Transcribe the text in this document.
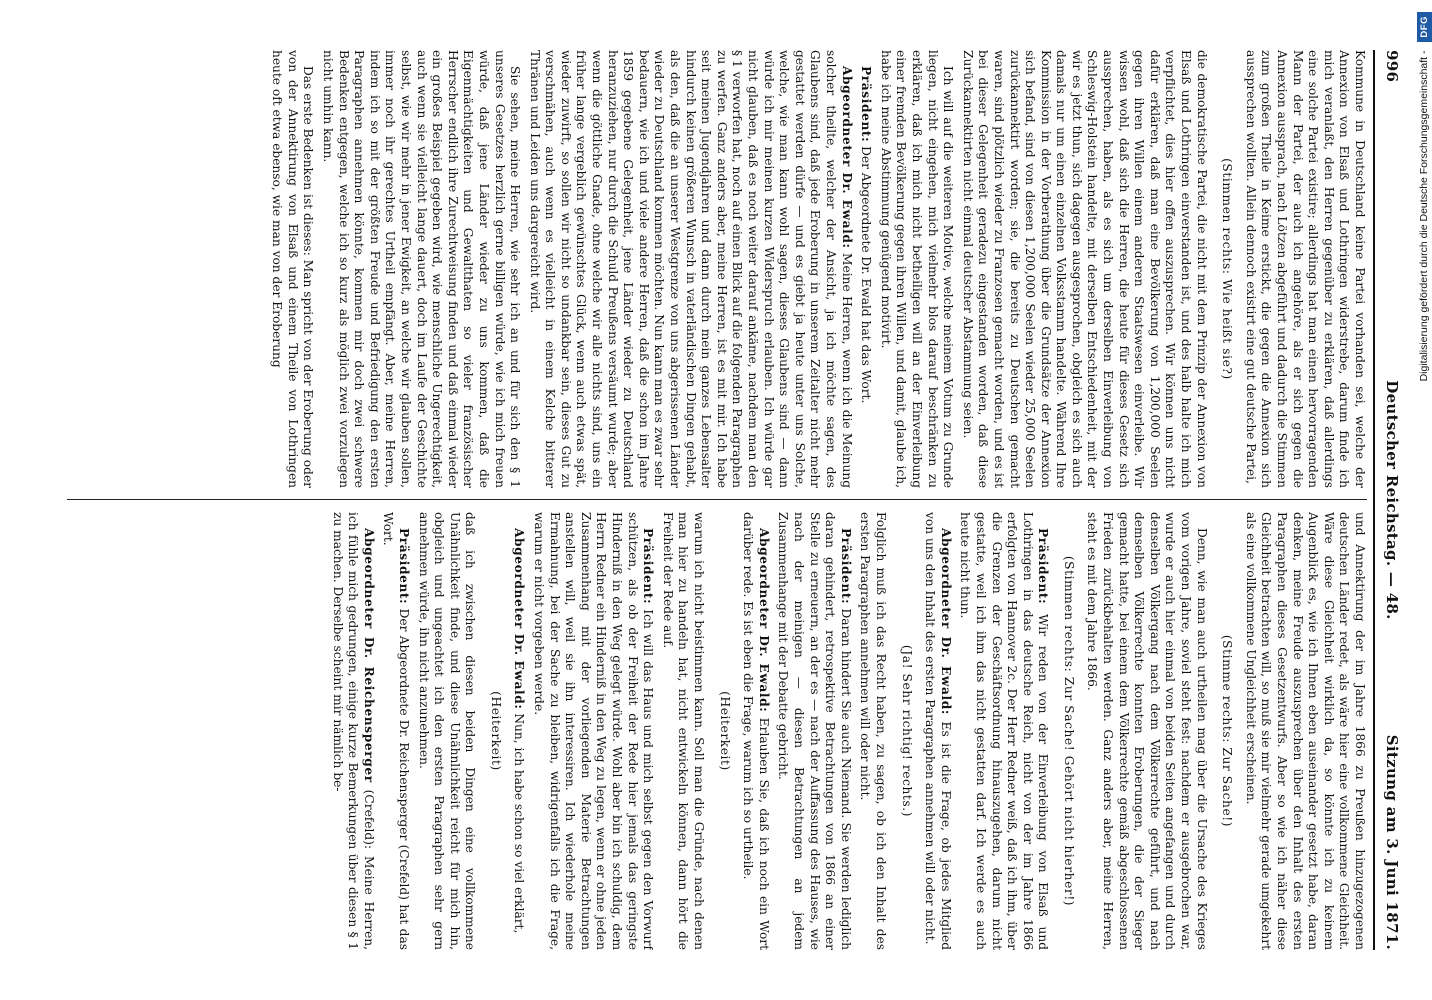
996
Deutscher Reichstag. — 48.
Sitzung am 3. Juni 1871.

Kommune in Deutschland keine Partei vorhanden sei, welche der Annexion von Elsaß und Lothringen widerstrebe, darum finde ich mich veranlaßt, den Herren gegenüber zu erklären, daß allerdings eine solche Partei existire; allerdings hat man einen hervorragenden Mann der Partei, der auch ich angehöre, als er sich gegen die Annexion aussprach, nach Lötzen abgeführt und dadurch die Stimmen zum großen Theile in Keime erstickt, die gegen die Annexion sich aussprechen wollten. Allein dennoch existirt eine gut deutsche Partei,

(Stimmen rechts: Wie heißt sie?)

die demokratische Partei, die nicht mit dem Prinzip der Annexion von Elsaß und Lothringen einverstanden ist, und des halb halte ich mich verpflichtet, dies hier offen auszusprechen. Wir können uns nicht dafür erklären, daß man eine Bevölkerung von 1,200,000 Seelen gegen ihren Willen einem anderen Staatswesen einverleibe. Wir wissen wohl, daß sich die Herren, die heute für dieses Gesetz sich aussprechen, haben, als es sich um derselben Einverleibung von Schleswig-Holstein handelte, mit derselben Entschiedenheit, mit der wir es jetzt thun, sich dagegen ausgesprochen, obgleich es sich auch damals nur um einen einzelnen Volksstamm handelte. Während Ihre Kommission in der Vorberathung über die Grundsätze der Annexion sich befand, sind von diesen 1,200,000 Seelen wieder 25,000 Seelen zurückannektirt worden; sie, die bereits zu Deutschen gemacht waren, sind plötzlich wieder zu Franzosen gemacht worden, und es ist bei dieser Gelegenheit geradezu eingestanden worden, daß diese Zurückannektirten nicht einmal deutscher Abstammung seien.

Ich will auf die weiteren Motive, welche meinem Votum zu Grunde liegen, nicht eingehen, mich vielmehr blos darauf beschränken zu erklären, daß ich mich nicht betheiligen will an der Einverleibung einer fremden Bevölkerung gegen ihren Willen, und damit, glaube ich, habe ich meine Abstimmung genügend motivirt.

Präsident: Der Abgeordnete Dr. Ewald hat das Wort.

Abgeordneter Dr. Ewald: Meine Herren, wenn ich die Meinung solcher theilte, welcher der Ansicht, ja ich möchte sagen, des Glaubens sind, daß jede Eroberung in unserem Zeitalter nicht mehr gestattet werden dürfe — und es giebt ja heute unter uns Solche, welche, wie man kann wohl sagen, dieses Glaubens sind — dann würde ich mir meinen kurzen Widerspruch erlauben. Ich würde gar nicht glauben, daß es noch weiter darauf ankäme, nachdem man den § 1 verworfen hat, noch auf einen Blick auf die folgenden Paragraphen zu werfen. Ganz anders aber, meine Herren, ist es mit mir. Ich habe seit meinen Jugendjahren und dann durch mein ganzes Lebensalter hindurch keinen größeren Wunsch in vaterländischen Dingen gehabt, als den, daß die an unserer Westgrenze von uns abgerissenen Länder wieder zu Deutschland kommen möchten. Nun kann man es zwar sehr bedauern, wie ich und viele andere Herren, daß die schon im Jahre 1859 gegebene Gelegenheit, jene Länder wieder zu Deutschland heranzuziehen, nur durch die Schuld Preußens versäumt wurde; aber wenn die göttliche Gnade, ohne welche wir alle nichts sind, uns ein früher lange vergeblich gewünschtes Glück, wenn auch etwas spät, wieder zuwirft, so sollen wir nicht so undankbar sein, dieses Gut zu verschmähen, auch wenn es vielleicht in einem Kelche bitterer Thränen und Leiden uns dargereicht wird.

Sie sehen, meine Herren, wie sehr ich an und für sich den § 1 unseres Gesetzes herzlich gerne billigen würde, wie ich mich freuen würde, daß jene Länder wieder zu uns kommen, daß die Eigenmächtigkeiten und Gewaltthaten so vieler französischer Herrscher endlich ihre Zurechtweisung finden und daß einmal wieder ein großes Beispiel gegeben wird, wie menschliche Ungerechtigkeit, auch wenn sie vielleicht lange dauert, doch im Laufe der Geschichte selbst, wie wir mehr in jener Ewigkeit, an welche wir glauben sollen, immer noch ihr gerechtes Urtheil empfängt. Aber, meine Herren, indem ich so mit der größten Freude und Befriedigung den ersten Paragraphen annehmen könnte, kommen mir doch zwei schwere Bedenken entgegen, welche ich so kurz als möglich zwei vorzulegen nicht umhin kann.

Das erste Bedenken ist dieses: Man spricht von der Eroberung oder von der Annektirung von Elsaß und einem Theile von Lothringen heute oft etwa ebenso, wie man von der Eroberung

und Annektirung der im Jahre 1866 zu Preußen hinzugezogenen deutschen Länder redet, als wäre hier eine vollkommene Gleichheit. Wäre diese Gleichheit wirklich da, so könnte ich zu keinem Augenblick es, wie ich Ihnen eben auseinander gesetzt habe, daran denken, meine Freude auszusprechen über den Inhalt des ersten Paragraphen dieses Gesetzentwurfs. Aber so wie ich näher diese Gleichheit betrachten will, so muß sie mir vielmehr gerade umgekehrt als eine vollkommene Ungleichheit erscheinen.

(Stimme rechts: Zur Sache!)

Denn, wie man auch urtheilen mag über die Ursache des Krieges vom vorigen Jahre, soviel steht fest: nachdem er ausgebrochen war, wurde er auch hier einmal von beiden Seiten angefangen und durch denselben Völkergang nach dem Völkerrechte geführt, und nach demselben Völkerrechte konnten Eroberungen, die der Sieger gemacht hatte, bei einem dem Völkerrechte gemäß abgeschlossenen Frieden zurückbehalten werden. Ganz anders aber, meine Herren, steht es mit dem Jahre 1866.

(Stimmen rechts: Zur Sache! Gehört nicht hierher!)

Präsident: Wir reden von der Einverleibung von Elsaß und Lothringen in das deutsche Reich, nicht von der im Jahre 1866 erfolgten von Hannover 2c. Der Herr Redner weiß, daß ich ihm, über die Grenzen der Geschäftsordnung hinauszugehen, darum nicht gestatte, weil ich ihm das nicht gestatten darf. Ich werde es auch heute nicht thun.

Abgeordneter Dr. Ewald: Es ist die Frage, ob jedes Mitglied von uns den Inhalt des ersten Paragraphen annehmen will oder nicht.

(Ja! Sehr richtig! rechts.)

Folglich muß ich das Recht haben, zu sagen, ob ich den Inhalt des ersten Paragraphen annehmen will oder nicht.

Präsident: Daran hindert Sie auch Niemand. Sie werden lediglich daran gehindert, retrospektive Betrachtungen von 1866 an einer Stelle zu erneuern, an der es — nach der Auffassung des Hauses, wie nach der meinigen — diesen Betrachtungen an jedem Zusammenhange mit der Debatte gebricht.

Abgeordneter Dr. Ewald: Erlauben Sie, daß ich noch ein Wort darüber rede. Es ist eben die Frage, warum ich so urtheile.

(Heiterkeit)

warum ich nicht beistimmen kann. Soll man die Gründe, nach denen man hier zu handeln hat, nicht entwickeln können, dann hört die Freiheit der Rede auf.

Präsident: Ich will das Haus und mich selbst gegen den Vorwurf schützen, als ob der Freiheit der Rede hier jemals das geringste Hinderniß in den Weg gelegt würde. Wohl aber bin ich schuldig, dem Herrn Redner ein Hinderniß in den Weg zu legen, wenn er ohne jeden Zusammenhang mit der vorliegenden Materie Betrachtungen anstellen will, weil sie ihn interessiren. Ich wiederhole meine Ermahnung, bei der Sache zu bleiben, widrigenfalls ich die Frage, warum er nicht vorgeben werde.

Abgeordneter Dr. Ewald: Nun, ich habe schon so viel erklärt,

(Heiterkeit)

daß ich zwischen diesen beiden Dingen eine vollkommene Unähnlichkeit finde, und diese Unähnlichkeit reicht für mich hin, obgleich und ungeachtet ich den ersten Paragraphen sehr gern annehmen würde, ihn nicht anzunehmen.

Präsident: Der Abgeordnete Dr. Reichensperger (Crefeld) hat das Wort.

Abgeordneter Dr. Reichensperger (Crefeld): Meine Herren, ich fühle mich gedrungen, einige kurze Bemerkungen über diesen § 1 zu machen. Derselbe scheint mir nämlich be-

Digitalisierung gefördert durch die Deutsche Forschungsgemeinschaft - DFG
